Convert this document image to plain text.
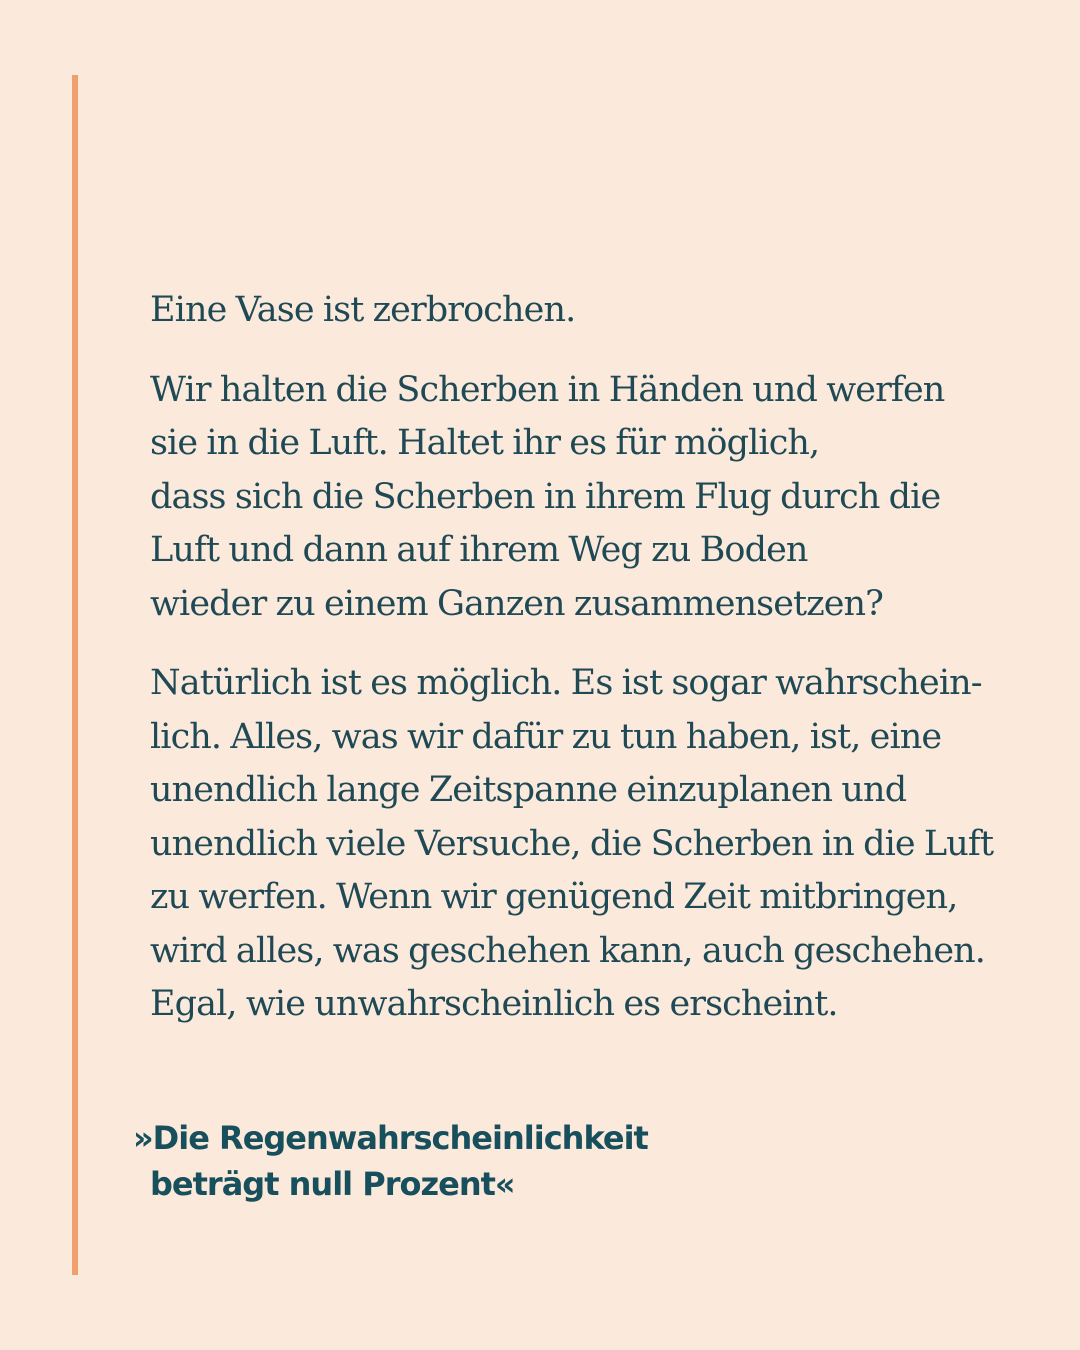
Eine Vase ist zerbrochen.

Wir halten die Scherben in Händen und werfen
sie in die Luft. Haltet ihr es für möglich,
dass sich die Scherben in ihrem Flug durch die
Luft und dann auf ihrem Weg zu Boden
wieder zu einem Ganzen zusammensetzen?

Natürlich ist es möglich. Es ist sogar wahrschein-
lich. Alles, was wir dafür zu tun haben, ist, eine
unendlich lange Zeitspanne einzuplanen und
unendlich viele Versuche, die Scherben in die Luft
zu werfen. Wenn wir genügend Zeit mitbringen,
wird alles, was geschehen kann, auch geschehen.
Egal, wie unwahrscheinlich es erscheint.

»Die Regenwahrscheinlichkeit
beträgt null Prozent«
